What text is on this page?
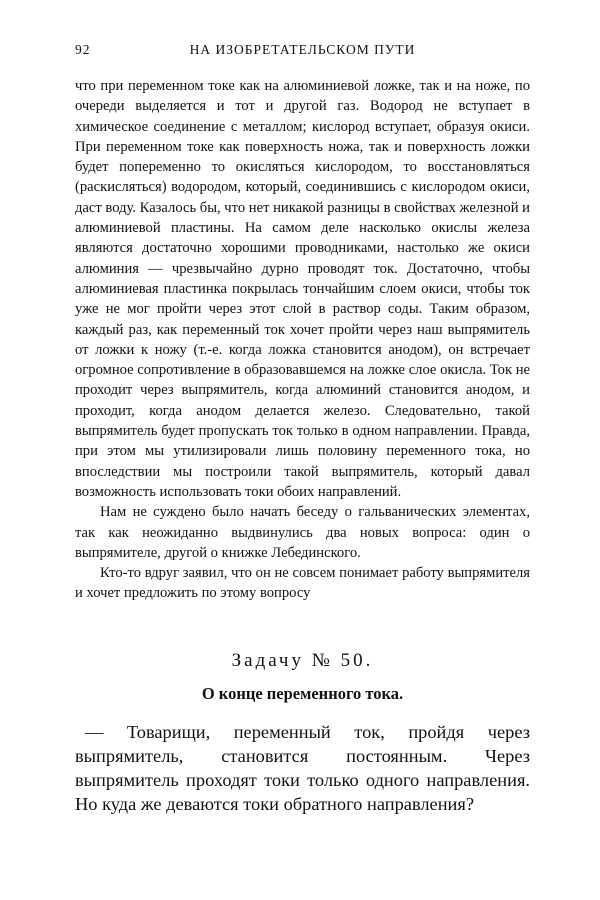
92	НА ИЗОБРЕТАТЕЛЬСКОМ ПУТИ

что при переменном токе как на алюминиевой ложке, так и на ноже, по очереди выделяется и тот и другой газ. Водород не вступает в химическое соединение с металлом; кислород вступает, образуя окиси. При переменном токе как поверхность ножа, так и поверхность ложки будет попеременно то окисляться кислородом, то восстановляться (раскисляться) водородом, который, соединившись с кислородом окиси, даст воду. Казалось бы, что нет никакой разницы в свойствах железной и алюминиевой пластины. На самом деле насколько окислы железа являются достаточно хорошими проводниками, настолько же окиси алюминия — чрезвычайно дурно проводят ток. Достаточно, чтобы алюминиевая пластинка покрылась тончайшим слоем окиси, чтобы ток уже не мог пройти через этот слой в раствор соды. Таким образом, каждый раз, как переменный ток хочет пройти через наш выпрямитель от ложки к ножу (т.-е. когда ложка становится анодом), он встречает огромное сопротивление в образовавшемся на ложке слое окисла. Ток не проходит через выпрямитель, когда алюминий становится анодом, и проходит, когда анодом делается железо. Следовательно, такой выпрямитель будет пропускать ток только в одном направлении. Правда, при этом мы утилизировали лишь половину переменного тока, но впоследствии мы построили такой выпрямитель, который давал возможность использовать токи обоих направлений.

Нам не суждено было начать беседу о гальванических элементах, так как неожиданно выдвинулись два новых вопроса: один о выпрямителе, другой о книжке Лебединского.

Кто-то вдруг заявил, что он не совсем понимает работу выпрямителя и хочет предложить по этому вопросу

Задачу № 50.
О конце переменного тока.

— Товарищи, переменный ток, пройдя через выпрямитель, становится постоянным. Через выпрямитель проходят токи только одного направления. Но куда же деваются токи обратного направления?
